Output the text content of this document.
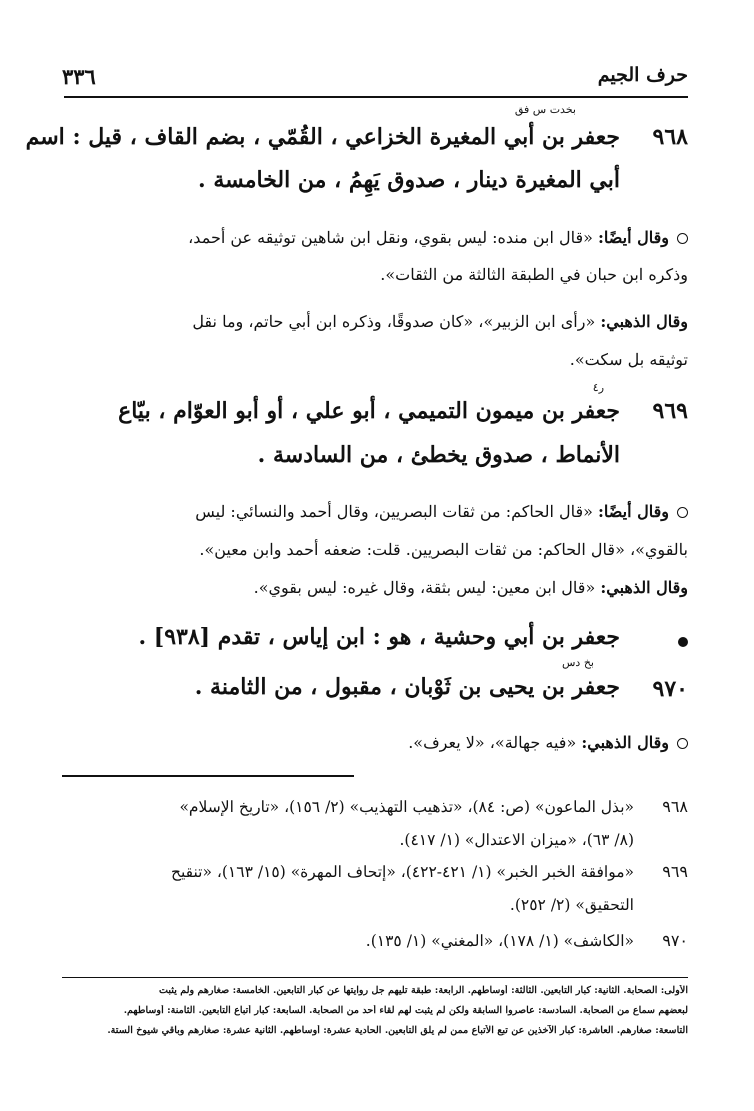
حرف الجيم
٣٣٦
بخدت س فق
٩٦٨
جعفر بن أبي المغيرة الخزاعي ، القُمّي ، بضم القاف ، قيل : اسم
أبي المغيرة دينار ، صدوق يَهِمُ ، من الخامسة .
وقال أيضًا: «قال ابن منده: ليس بقوي، ونقل ابن شاهين توثيقه عن أحمد،
وذكره ابن حبان في الطبقة الثالثة من الثقات».
وقال الذهبي: «رأى ابن الزبير»، «كان صدوقًا، وذكره ابن أبي حاتم، وما نقل
توثيقه بل سكت».
ر٤
٩٦٩
جعفر بن ميمون التميمي ، أبو علي ، أو أبو العوّام ، بيّاع
الأنماط ، صدوق يخطئ ، من السادسة .
وقال أيضًا: «قال الحاكم: من ثقات البصريين، وقال أحمد والنسائي: ليس
بالقوي»، «قال الحاكم: من ثقات البصريين. قلت: ضعفه أحمد وابن معين».
وقال الذهبي: «قال ابن معين: ليس بثقة، وقال غيره: ليس بقوي».
جعفر بن أبي وحشية ، هو : ابن إياس ، تقدم [٩٣٨] .
بخ دس
٩٧٠
جعفر بن يحيى بن ثَوْبان ، مقبول ، من الثامنة .
وقال الذهبي: «فيه جهالة»، «لا يعرف».
٩٦٨«بذل الماعون» (ص: ٨٤)، «تذهيب التهذيب» (٢/ ١٥٦)، «تاريخ الإسلام»
(٨/ ٦٣)، «ميزان الاعتدال» (١/ ٤١٧).
٩٦٩«موافقة الخبر الخبر» (١/ ٤٢١-٤٢٢)، «إتحاف المهرة» (١٥/ ١٦٣)، «تنقيح
التحقيق» (٢/ ٢٥٢).
٩٧٠«الكاشف» (١/ ١٧٨)، «المغني» (١/ ١٣٥).
الأولى: الصحابة. الثانية: كبار التابعين. الثالثة: أوساطهم. الرابعة: طبقة تليهم جل روايتها عن كبار التابعين. الخامسة: صغارهم ولم يثبت
لبعضهم سماع من الصحابة. السادسة: عاصروا السابقة ولكن لم يثبت لهم لقاء أحد من الصحابة. السابعة: كبار أتباع التابعين. الثامنة: أوساطهم.
التاسعة: صغارهم. العاشرة: كبار الآخذين عن تبع الأتباع ممن لم يلق التابعين. الحادية عشرة: أوساطهم. الثانية عشرة: صغارهم وباقي شيوخ الستة.
